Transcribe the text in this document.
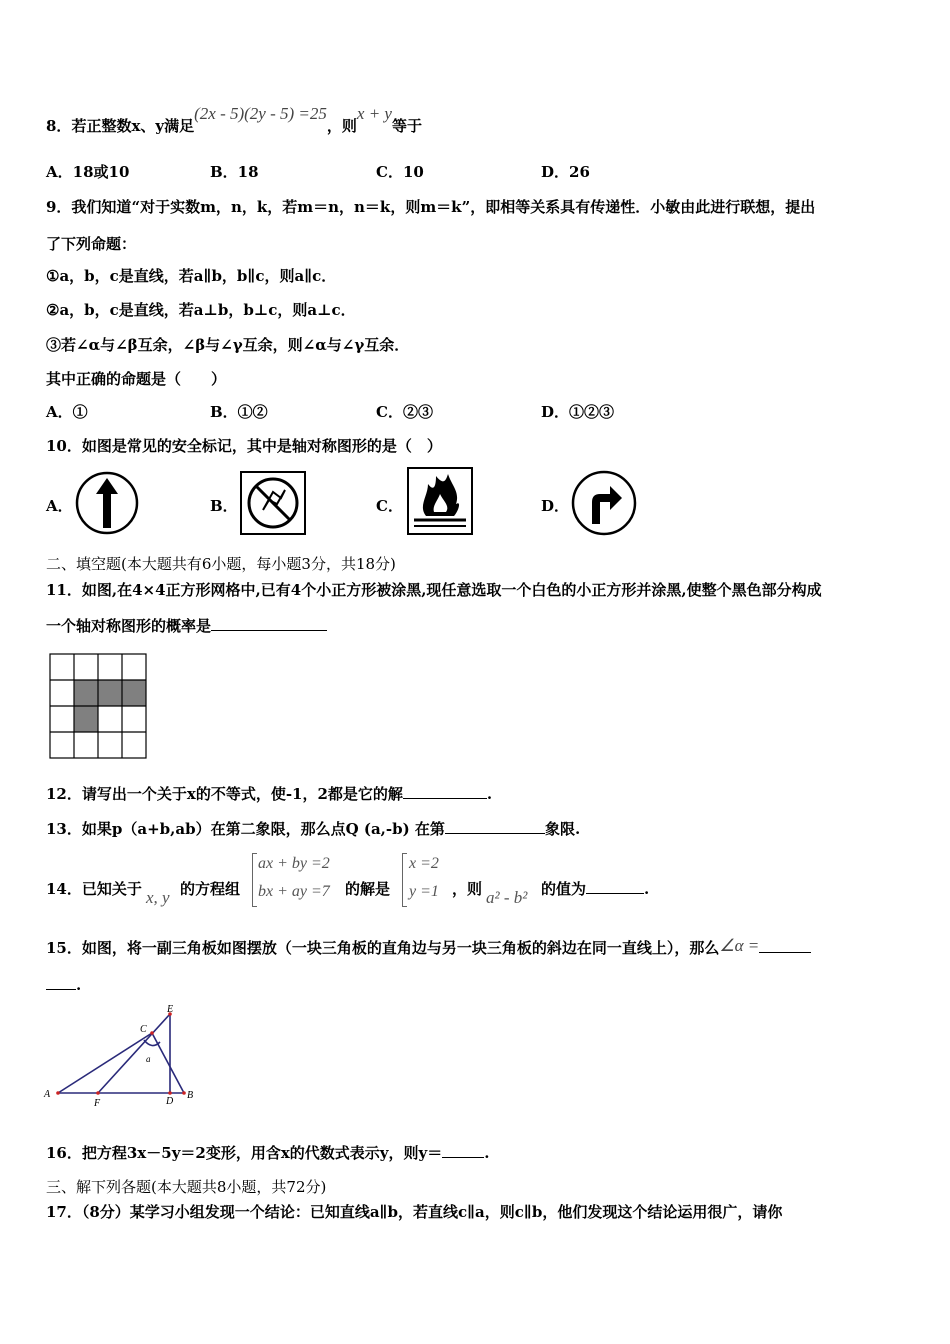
8．若正整数x、y满足(2x - 5)(2y - 5) =25，则x + y等于
A．18或10	B．18	C．10	D．26
9．我们知道“对于实数m，n，k，若m＝n，n＝k，则m＝k”，即相等关系具有传递性．小敏由此进行联想，提出
了下列命题：
①a，b，c是直线，若a∥b，b∥c，则a∥c．
②a，b，c是直线，若a⊥b，b⊥c，则a⊥c．
③若∠α与∠β互余，∠β与∠γ互余，则∠α与∠γ互余．
其中正确的命题是（　　）
A．①	B．①②	C．②③	D．①②③
10．如图是常见的安全标记，其中是轴对称图形的是（　）
A．	B．	C．	D．
二、填空题(本大题共有6小题，每小题3分，共18分)
11．如图,在4×4正方形网格中,已有4个小正方形被涂黑,现任意选取一个白色的小正方形并涂黑,使整个黑色部分构成
一个轴对称图形的概率是
12．请写出一个关于x的不等式，使-1，2都是它的解	.
13．如果p（a+b,ab）在第二象限，那么点Q (a,-b) 在第	象限.
14．已知关于 x, y 的方程组
ax + by =2
bx + ay =7 的解是
x =2
y =1 ，则 a² - b² 的值为	.
15．如图，将一副三角板如图摆放（一块三角板的直角边与另一块三角板的斜边在同一直线上），那么∠α =
.
A	B
C
D
E
F
a
16．把方程3x－5y＝2变形，用含x的代数式表示y，则y＝	.
三、解下列各题(本大题共8小题，共72分)
17．（8分）某学习小组发现一个结论：已知直线a∥b，若直线c∥a，则c∥b，他们发现这个结论运用很广，请你
